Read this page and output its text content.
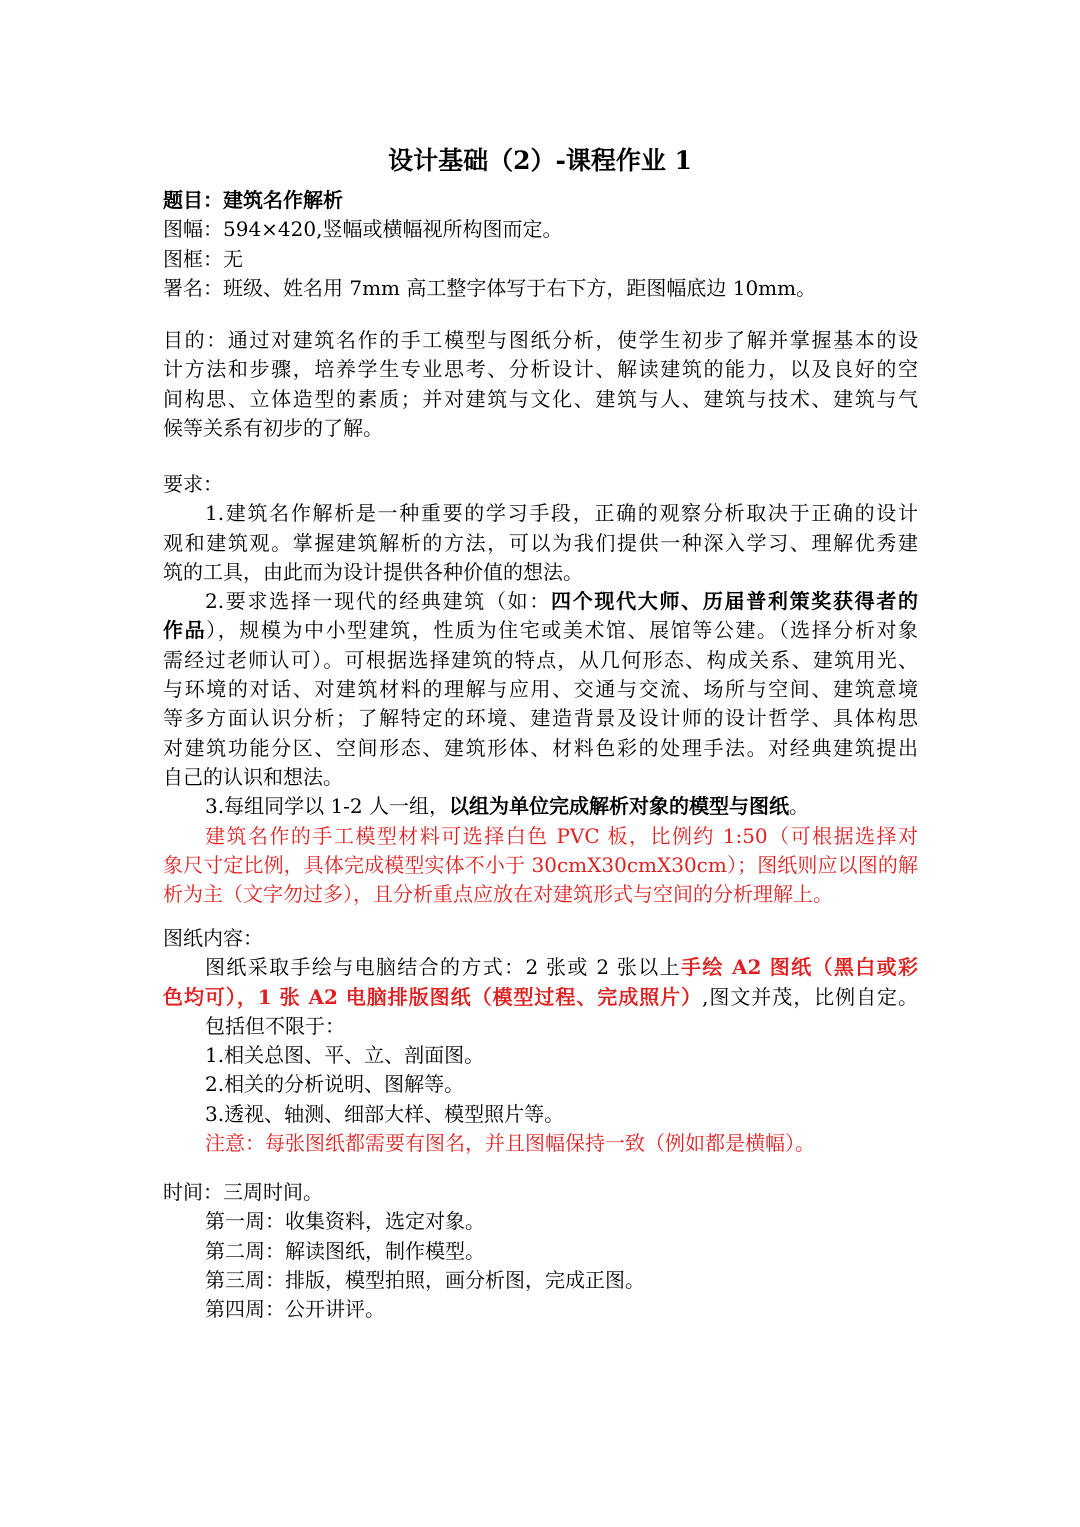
设计基础（2）-课程作业 1
题目：建筑名作解析
图幅：594×420,竖幅或横幅视所构图而定。
图框：无
署名：班级、姓名用 7mm 高工整字体写于右下方，距图幅底边 10mm。
目的：通过对建筑名作的手工模型与图纸分析，使学生初步了解并掌握基本的设
计方法和步骤，培养学生专业思考、分析设计、解读建筑的能力，以及良好的空
间构思、立体造型的素质；并对建筑与文化、建筑与人、建筑与技术、建筑与气
候等关系有初步的了解。
要求：
1.建筑名作解析是一种重要的学习手段，正确的观察分析取决于正确的设计
观和建筑观。掌握建筑解析的方法，可以为我们提供一种深入学习、理解优秀建
筑的工具，由此而为设计提供各种价值的想法。
2.要求选择一现代的经典建筑（如：四个现代大师、历届普利策奖获得者的
作品），规模为中小型建筑，性质为住宅或美术馆、展馆等公建。（选择分析对象
需经过老师认可）。可根据选择建筑的特点，从几何形态、构成关系、建筑用光、
与环境的对话、对建筑材料的理解与应用、交通与交流、场所与空间、建筑意境
等多方面认识分析；了解特定的环境、建造背景及设计师的设计哲学、具体构思
对建筑功能分区、空间形态、建筑形体、材料色彩的处理手法。对经典建筑提出
自己的认识和想法。
3.每组同学以 1-2 人一组，以组为单位完成解析对象的模型与图纸。
建筑名作的手工模型材料可选择白色 PVC 板，比例约 1:50（可根据选择对
象尺寸定比例，具体完成模型实体不小于 30cmX30cmX30cm）；图纸则应以图的解
析为主（文字勿过多），且分析重点应放在对建筑形式与空间的分析理解上。
图纸内容：
图纸采取手绘与电脑结合的方式：2 张或 2 张以上手绘 A2 图纸（黑白或彩
色均可），1 张 A2 电脑排版图纸（模型过程、完成照片）,图文并茂，比例自定。
包括但不限于：
1.相关总图、平、立、剖面图。
2.相关的分析说明、图解等。
3.透视、轴测、细部大样、模型照片等。
注意：每张图纸都需要有图名，并且图幅保持一致（例如都是横幅）。
时间：三周时间。
第一周：收集资料，选定对象。
第二周：解读图纸，制作模型。
第三周：排版，模型拍照，画分析图，完成正图。
第四周：公开讲评。
